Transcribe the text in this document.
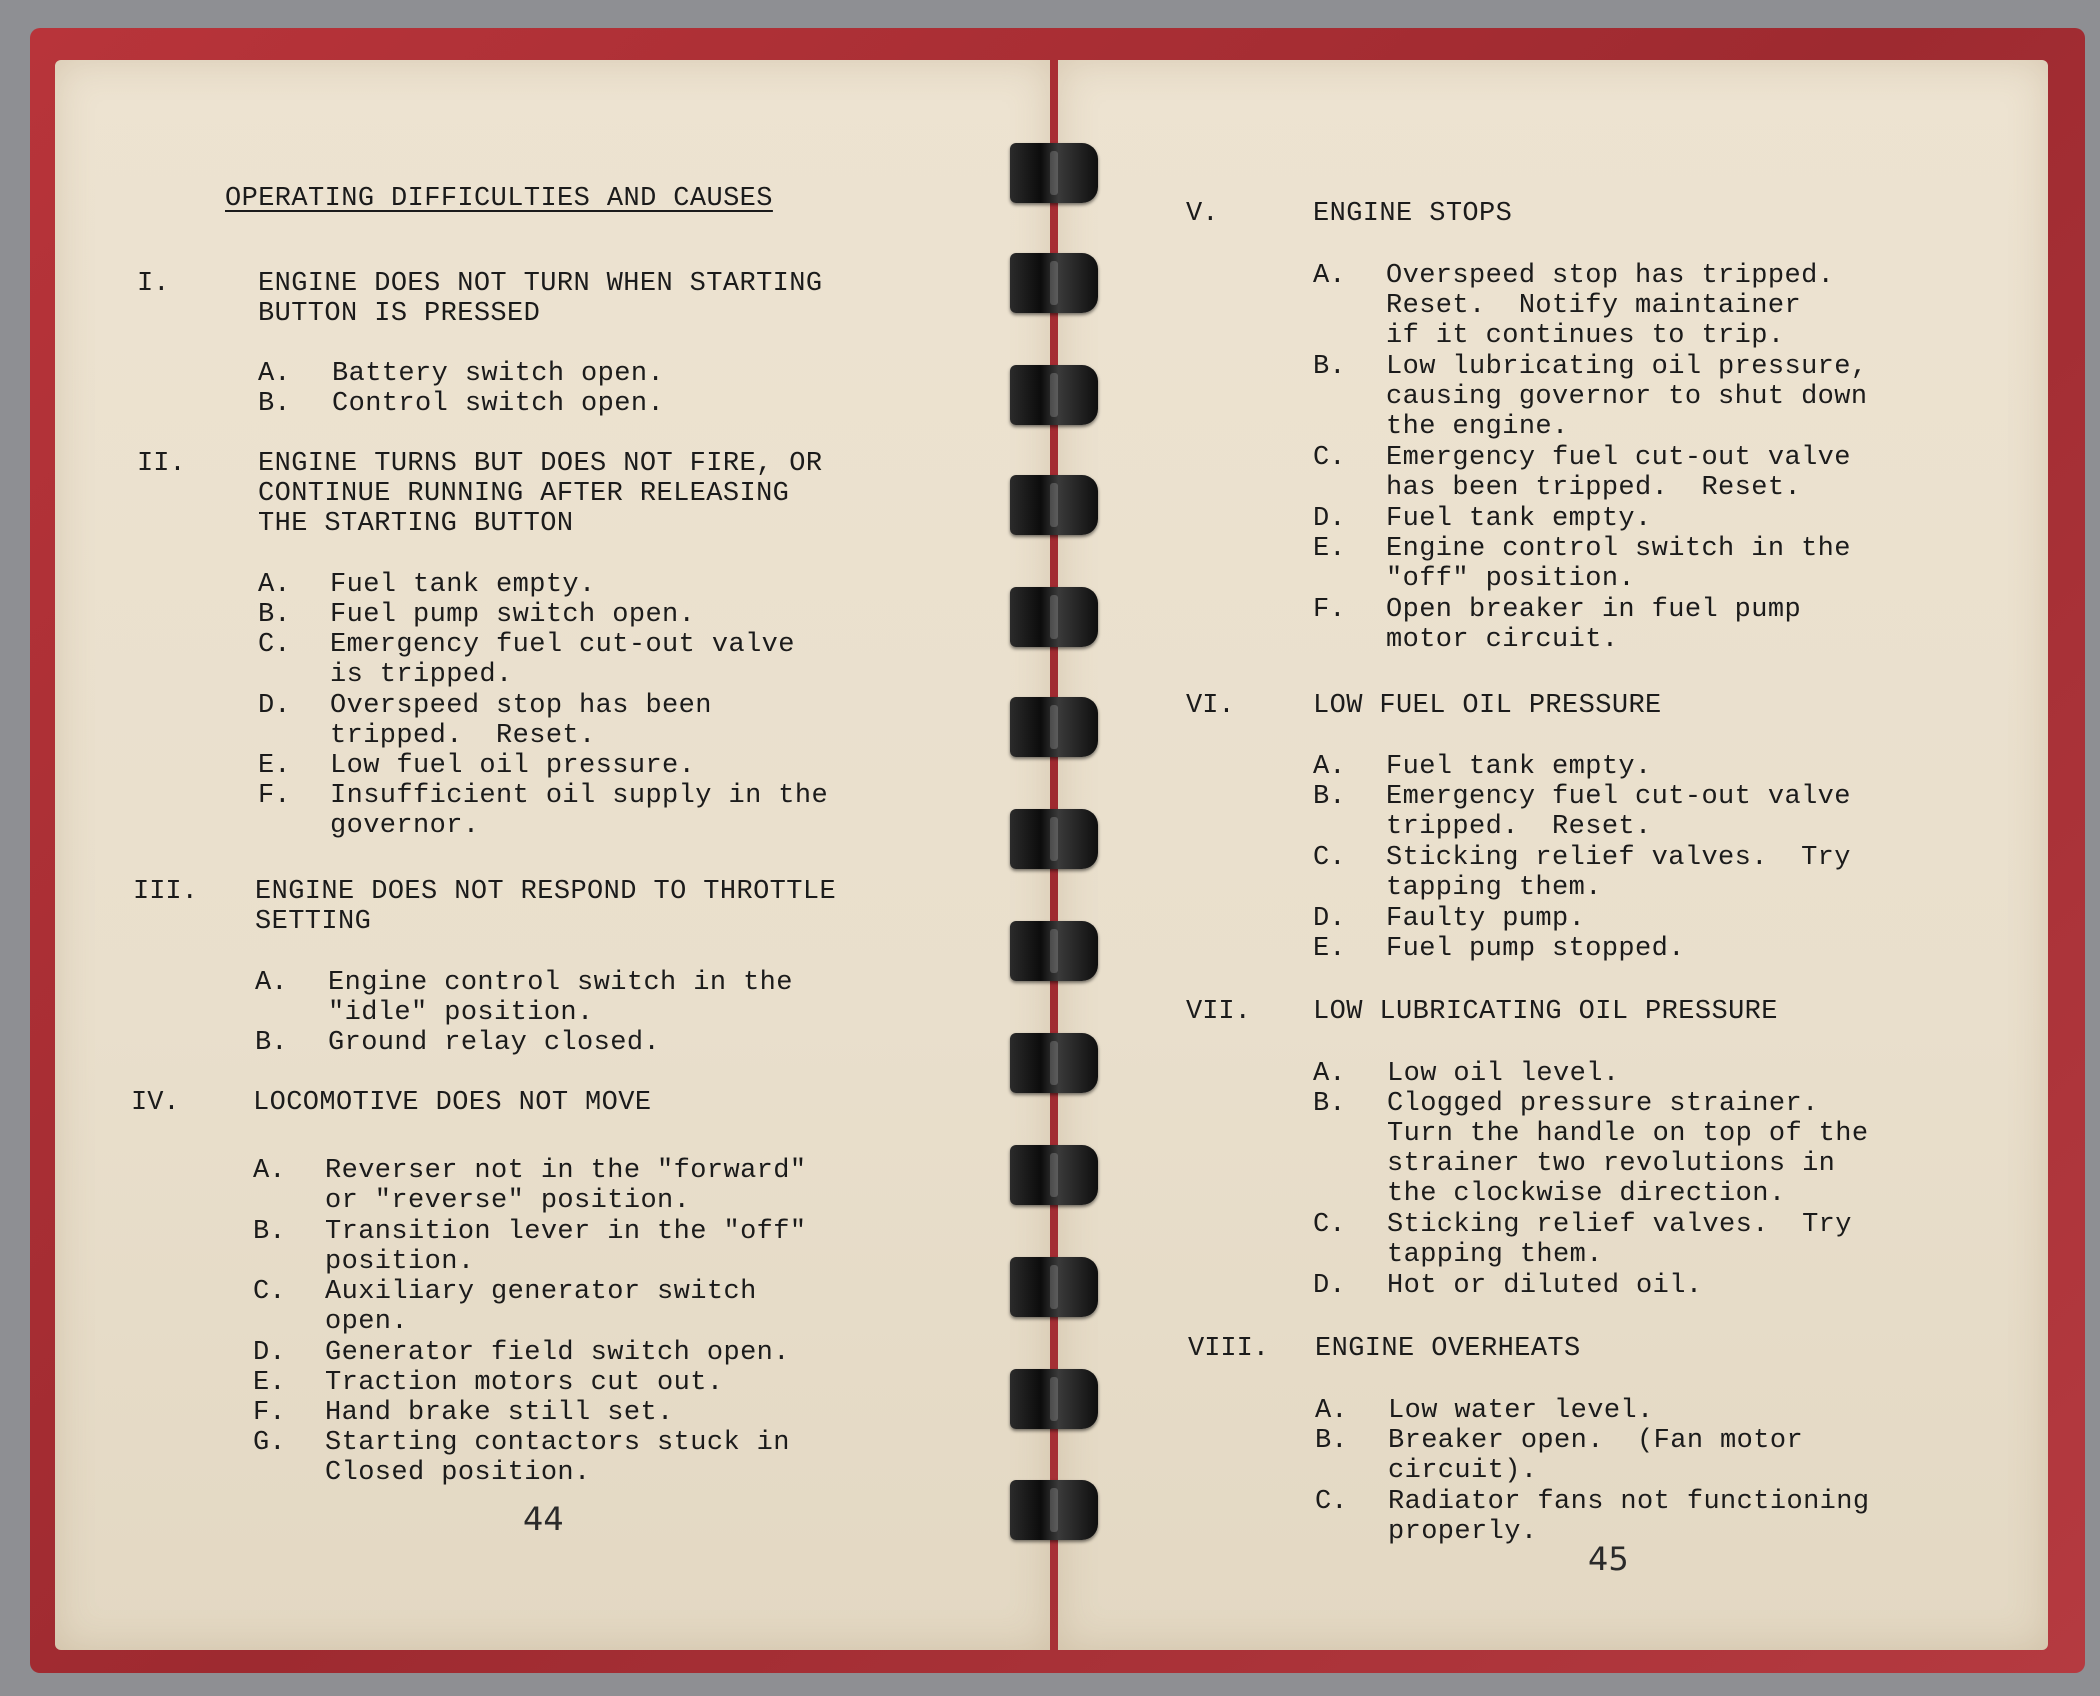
OPERATING DIFFICULTIES AND CAUSES
I.	ENGINE DOES NOT TURN WHEN STARTING
BUTTON IS PRESSED
A. Battery switch open.
B. Control switch open.
II.	ENGINE TURNS BUT DOES NOT FIRE, OR
CONTINUE RUNNING AFTER RELEASING
THE STARTING BUTTON
A. Fuel tank empty.
B. Fuel pump switch open.
C. Emergency fuel cut-out valve
is tripped.
D. Overspeed stop has been
tripped.  Reset.
E. Low fuel oil pressure.
F. Insufficient oil supply in the
governor.
III. ENGINE DOES NOT RESPOND TO THROTTLE
SETTING
A. Engine control switch in the
"idle" position.
B. Ground relay closed.
IV.	LOCOMOTIVE DOES NOT MOVE
A. Reverser not in the "forward"
or "reverse" position.
B. Transition lever in the "off"
position.
C. Auxiliary generator switch
open.
D. Generator field switch open.
E. Traction motors cut out.
F. Hand brake still set.
G. Starting contactors stuck in
Closed position.
44
V.	ENGINE STOPS
A. Overspeed stop has tripped.
Reset.  Notify maintainer
if it continues to trip.
B. Low lubricating oil pressure,
causing governor to shut down
the engine.
C. Emergency fuel cut-out valve
has been tripped.  Reset.
D. Fuel tank empty.
E. Engine control switch in the
"off" position.
F. Open breaker in fuel pump
motor circuit.
VI.	LOW FUEL OIL PRESSURE
A. Fuel tank empty.
B. Emergency fuel cut-out valve
tripped.  Reset.
C. Sticking relief valves.  Try
tapping them.
D. Faulty pump.
E. Fuel pump stopped.
VII. LOW LUBRICATING OIL PRESSURE
A. Low oil level.
B. Clogged pressure strainer.
Turn the handle on top of the
strainer two revolutions in
the clockwise direction.
C. Sticking relief valves.  Try
tapping them.
D. Hot or diluted oil.
VIII. ENGINE OVERHEATS
A. Low water level.
B. Breaker open.  (Fan motor
circuit).
C. Radiator fans not functioning
properly.
45
